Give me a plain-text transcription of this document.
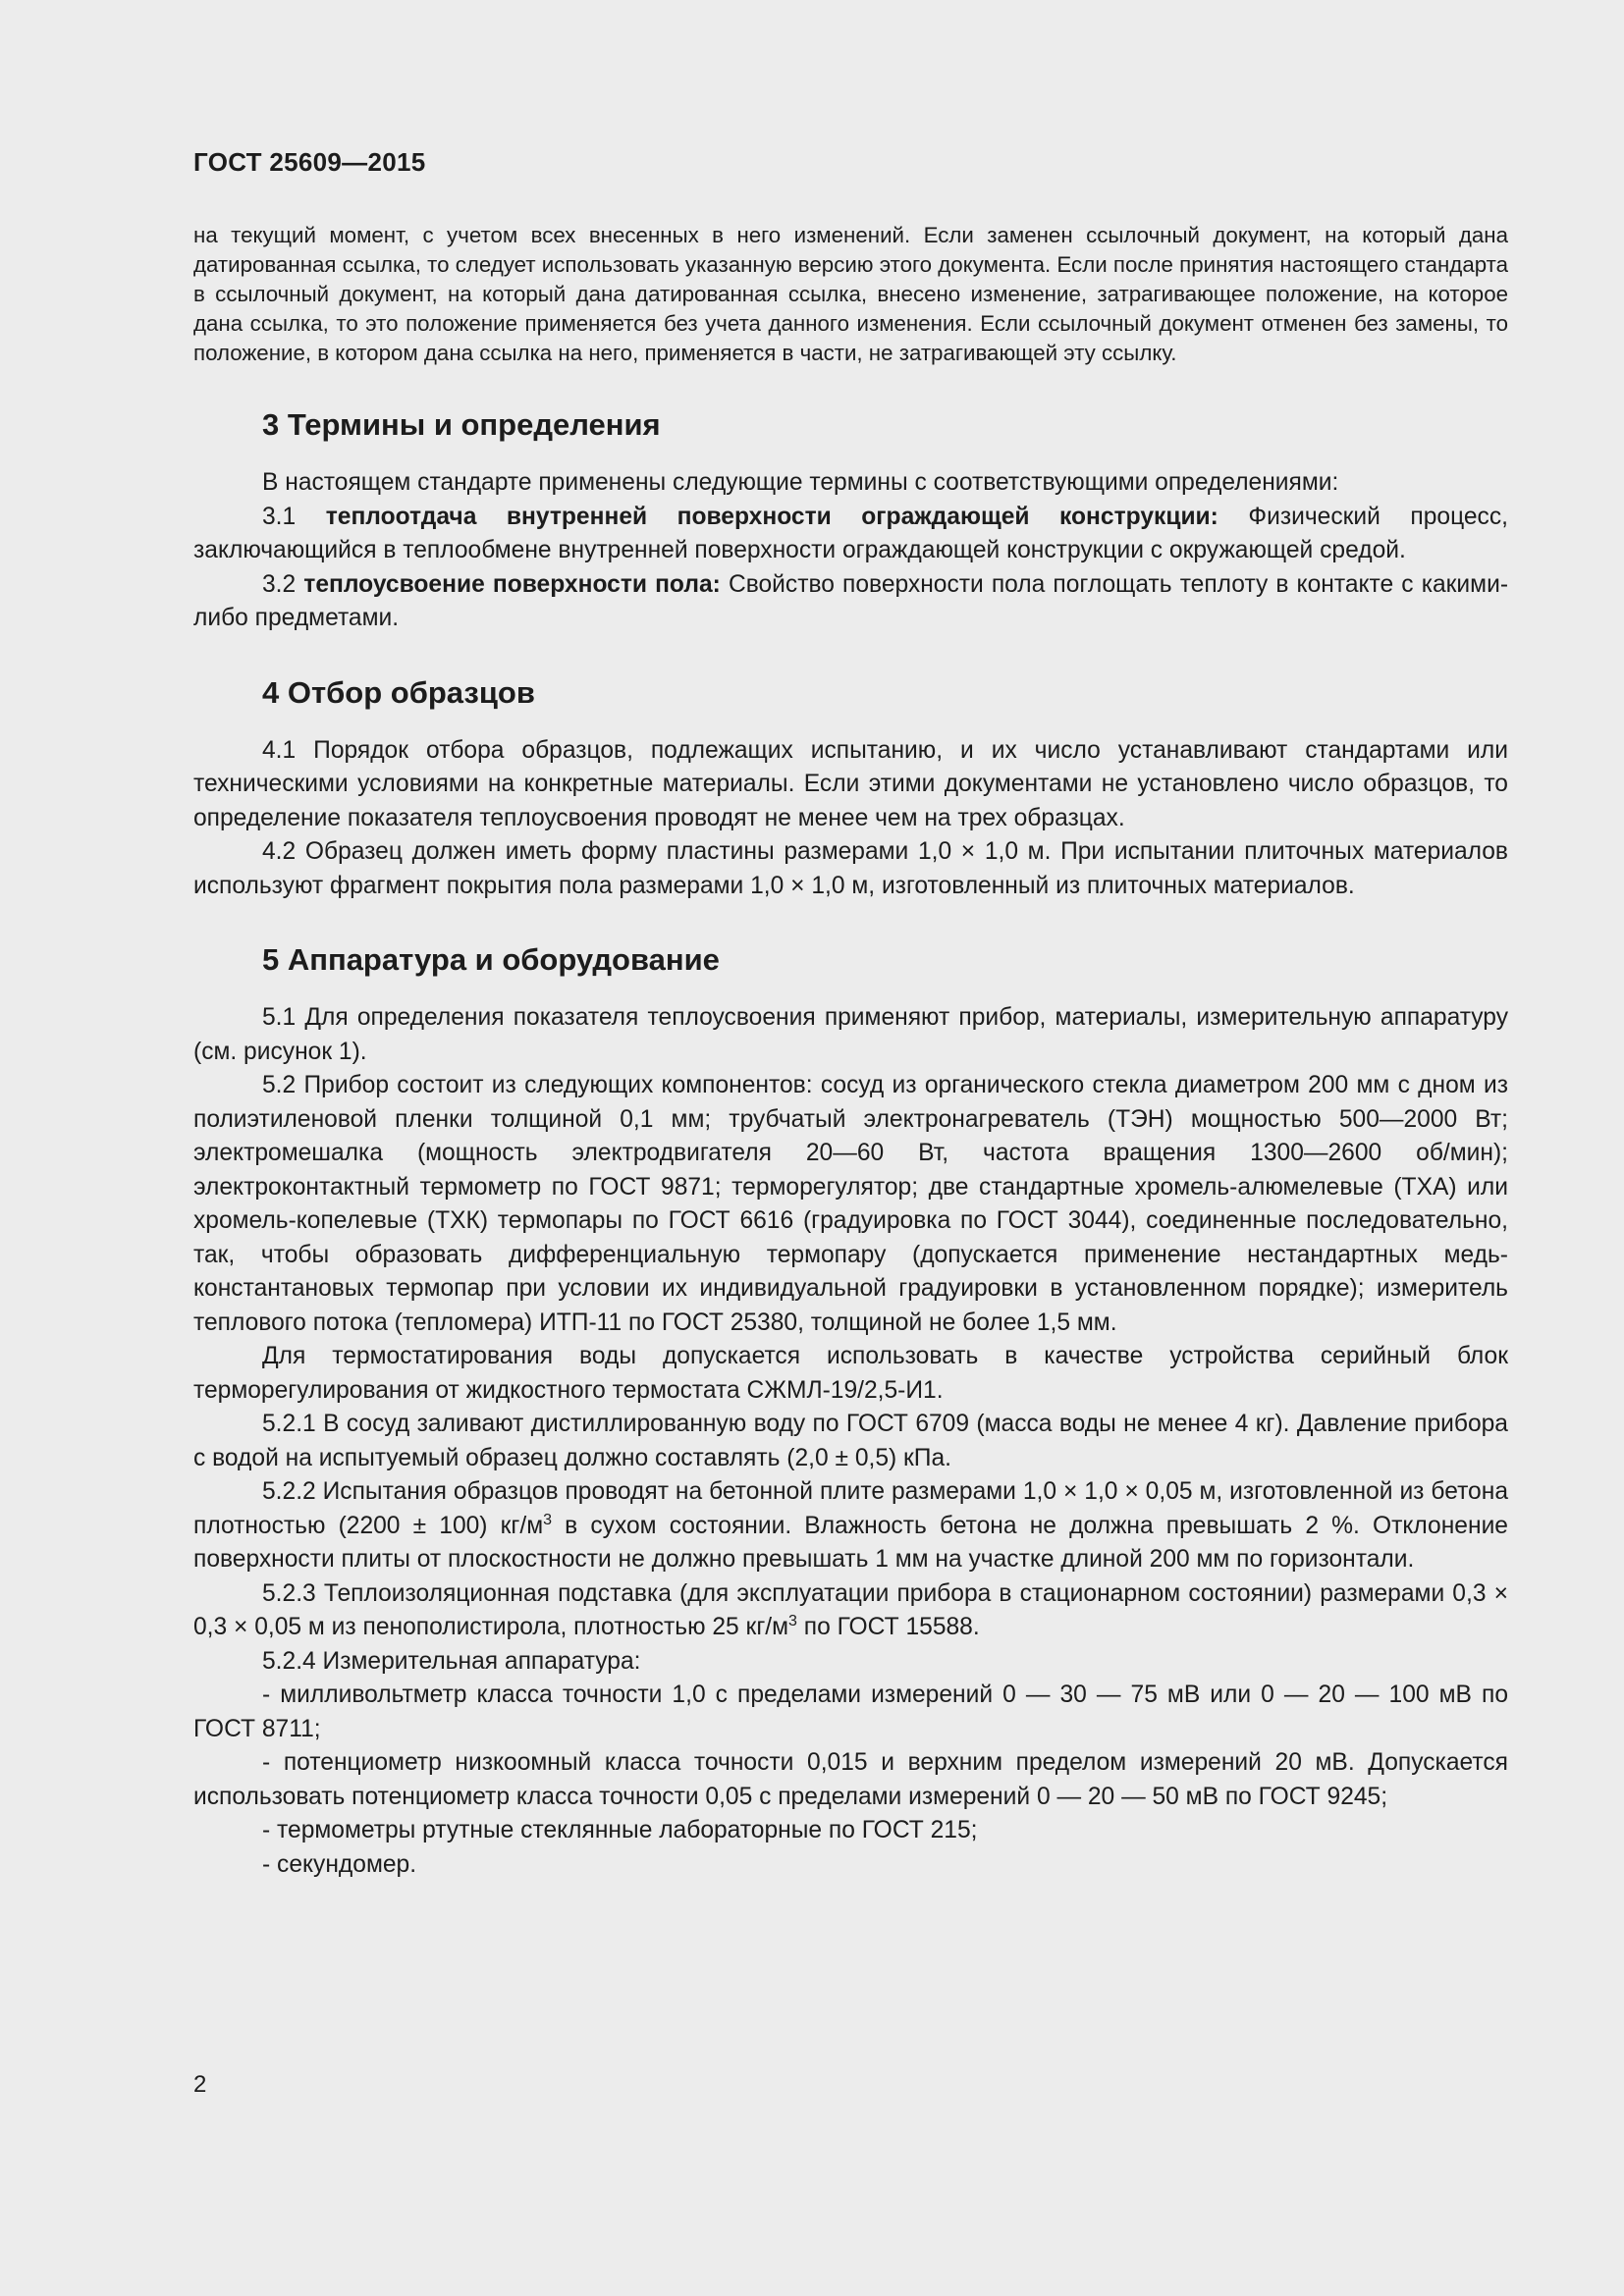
ГОСТ 25609—2015

на текущий момент, с учетом всех внесенных в него изменений. Если заменен ссылочный документ, на который дана датированная ссылка, то следует использовать указанную версию этого документа. Если после принятия настоящего стандарта в ссылочный документ, на который дана датированная ссылка, внесено изменение, затрагивающее положение, на которое дана ссылка, то это положение применяется без учета данного изменения. Если ссылочный документ отменен без замены, то положение, в котором дана ссылка на него, применяется в части, не затрагивающей эту ссылку.

3 Термины и определения

В настоящем стандарте применены следующие термины с соответствующими определениями:

3.1 теплоотдача внутренней поверхности ограждающей конструкции: Физический процесс, заключающийся в теплообмене внутренней поверхности ограждающей конструкции с окружающей средой.

3.2 теплоусвоение поверхности пола: Свойство поверхности пола поглощать теплоту в контакте с какими-либо предметами.

4 Отбор образцов

4.1 Порядок отбора образцов, подлежащих испытанию, и их число устанавливают стандартами или техническими условиями на конкретные материалы. Если этими документами не установлено число образцов, то определение показателя теплоусвоения проводят не менее чем на трех образцах.

4.2 Образец должен иметь форму пластины размерами 1,0 × 1,0 м. При испытании плиточных материалов используют фрагмент покрытия пола размерами 1,0 × 1,0 м, изготовленный из плиточных материалов.

5 Аппаратура и оборудование

5.1 Для определения показателя теплоусвоения применяют прибор, материалы, измерительную аппаратуру (см. рисунок 1).

5.2 Прибор состоит из следующих компонентов: сосуд из органического стекла диаметром 200 мм с дном из полиэтиленовой пленки толщиной 0,1 мм; трубчатый электронагреватель (ТЭН) мощностью 500—2000 Вт; электромешалка (мощность электродвигателя 20—60 Вт, частота вращения 1300—2600 об/мин); электроконтактный термометр по ГОСТ 9871; терморегулятор; две стандартные хромель-алюмелевые (ТХА) или хромель-копелевые (ТХК) термопары по ГОСТ 6616 (градуировка по ГОСТ 3044), соединенные последовательно, так, чтобы образовать дифференциальную термопару (допускается применение нестандартных медь-константановых термопар при условии их индивидуальной градуировки в установленном порядке); измеритель теплового потока (тепломера) ИТП-11 по ГОСТ 25380, толщиной не более 1,5 мм.

Для термостатирования воды допускается использовать в качестве устройства серийный блок терморегулирования от жидкостного термостата СЖМЛ-19/2,5-И1.

5.2.1 В сосуд заливают дистиллированную воду по ГОСТ 6709 (масса воды не менее 4 кг). Давление прибора с водой на испытуемый образец должно составлять (2,0 ± 0,5) кПа.

5.2.2 Испытания образцов проводят на бетонной плите размерами 1,0 × 1,0 × 0,05 м, изготовленной из бетона плотностью (2200 ± 100) $кг/м^3$ в сухом состоянии. Влажность бетона не должна превышать 2 %. Отклонение поверхности плиты от плоскостности не должно превышать 1 мм на участке длиной 200 мм по горизонтали.

5.2.3 Теплоизоляционная подставка (для эксплуатации прибора в стационарном состоянии) размерами 0,3 × 0,3 × 0,05 м из пенополистирола, плотностью 25 $кг/м^3$ по ГОСТ 15588.

5.2.4 Измерительная аппаратура:

- милливольтметр класса точности 1,0 с пределами измерений 0 — 30 — 75 мВ или 0 — 20 — 100 мВ по ГОСТ 8711;

- потенциометр низкоомный класса точности 0,015 и верхним пределом измерений 20 мВ. Допускается использовать потенциометр класса точности 0,05 с пределами измерений 0 — 20 — 50 мВ по ГОСТ 9245;

- термометры ртутные стеклянные лабораторные по ГОСТ 215;

- секундомер.

2
